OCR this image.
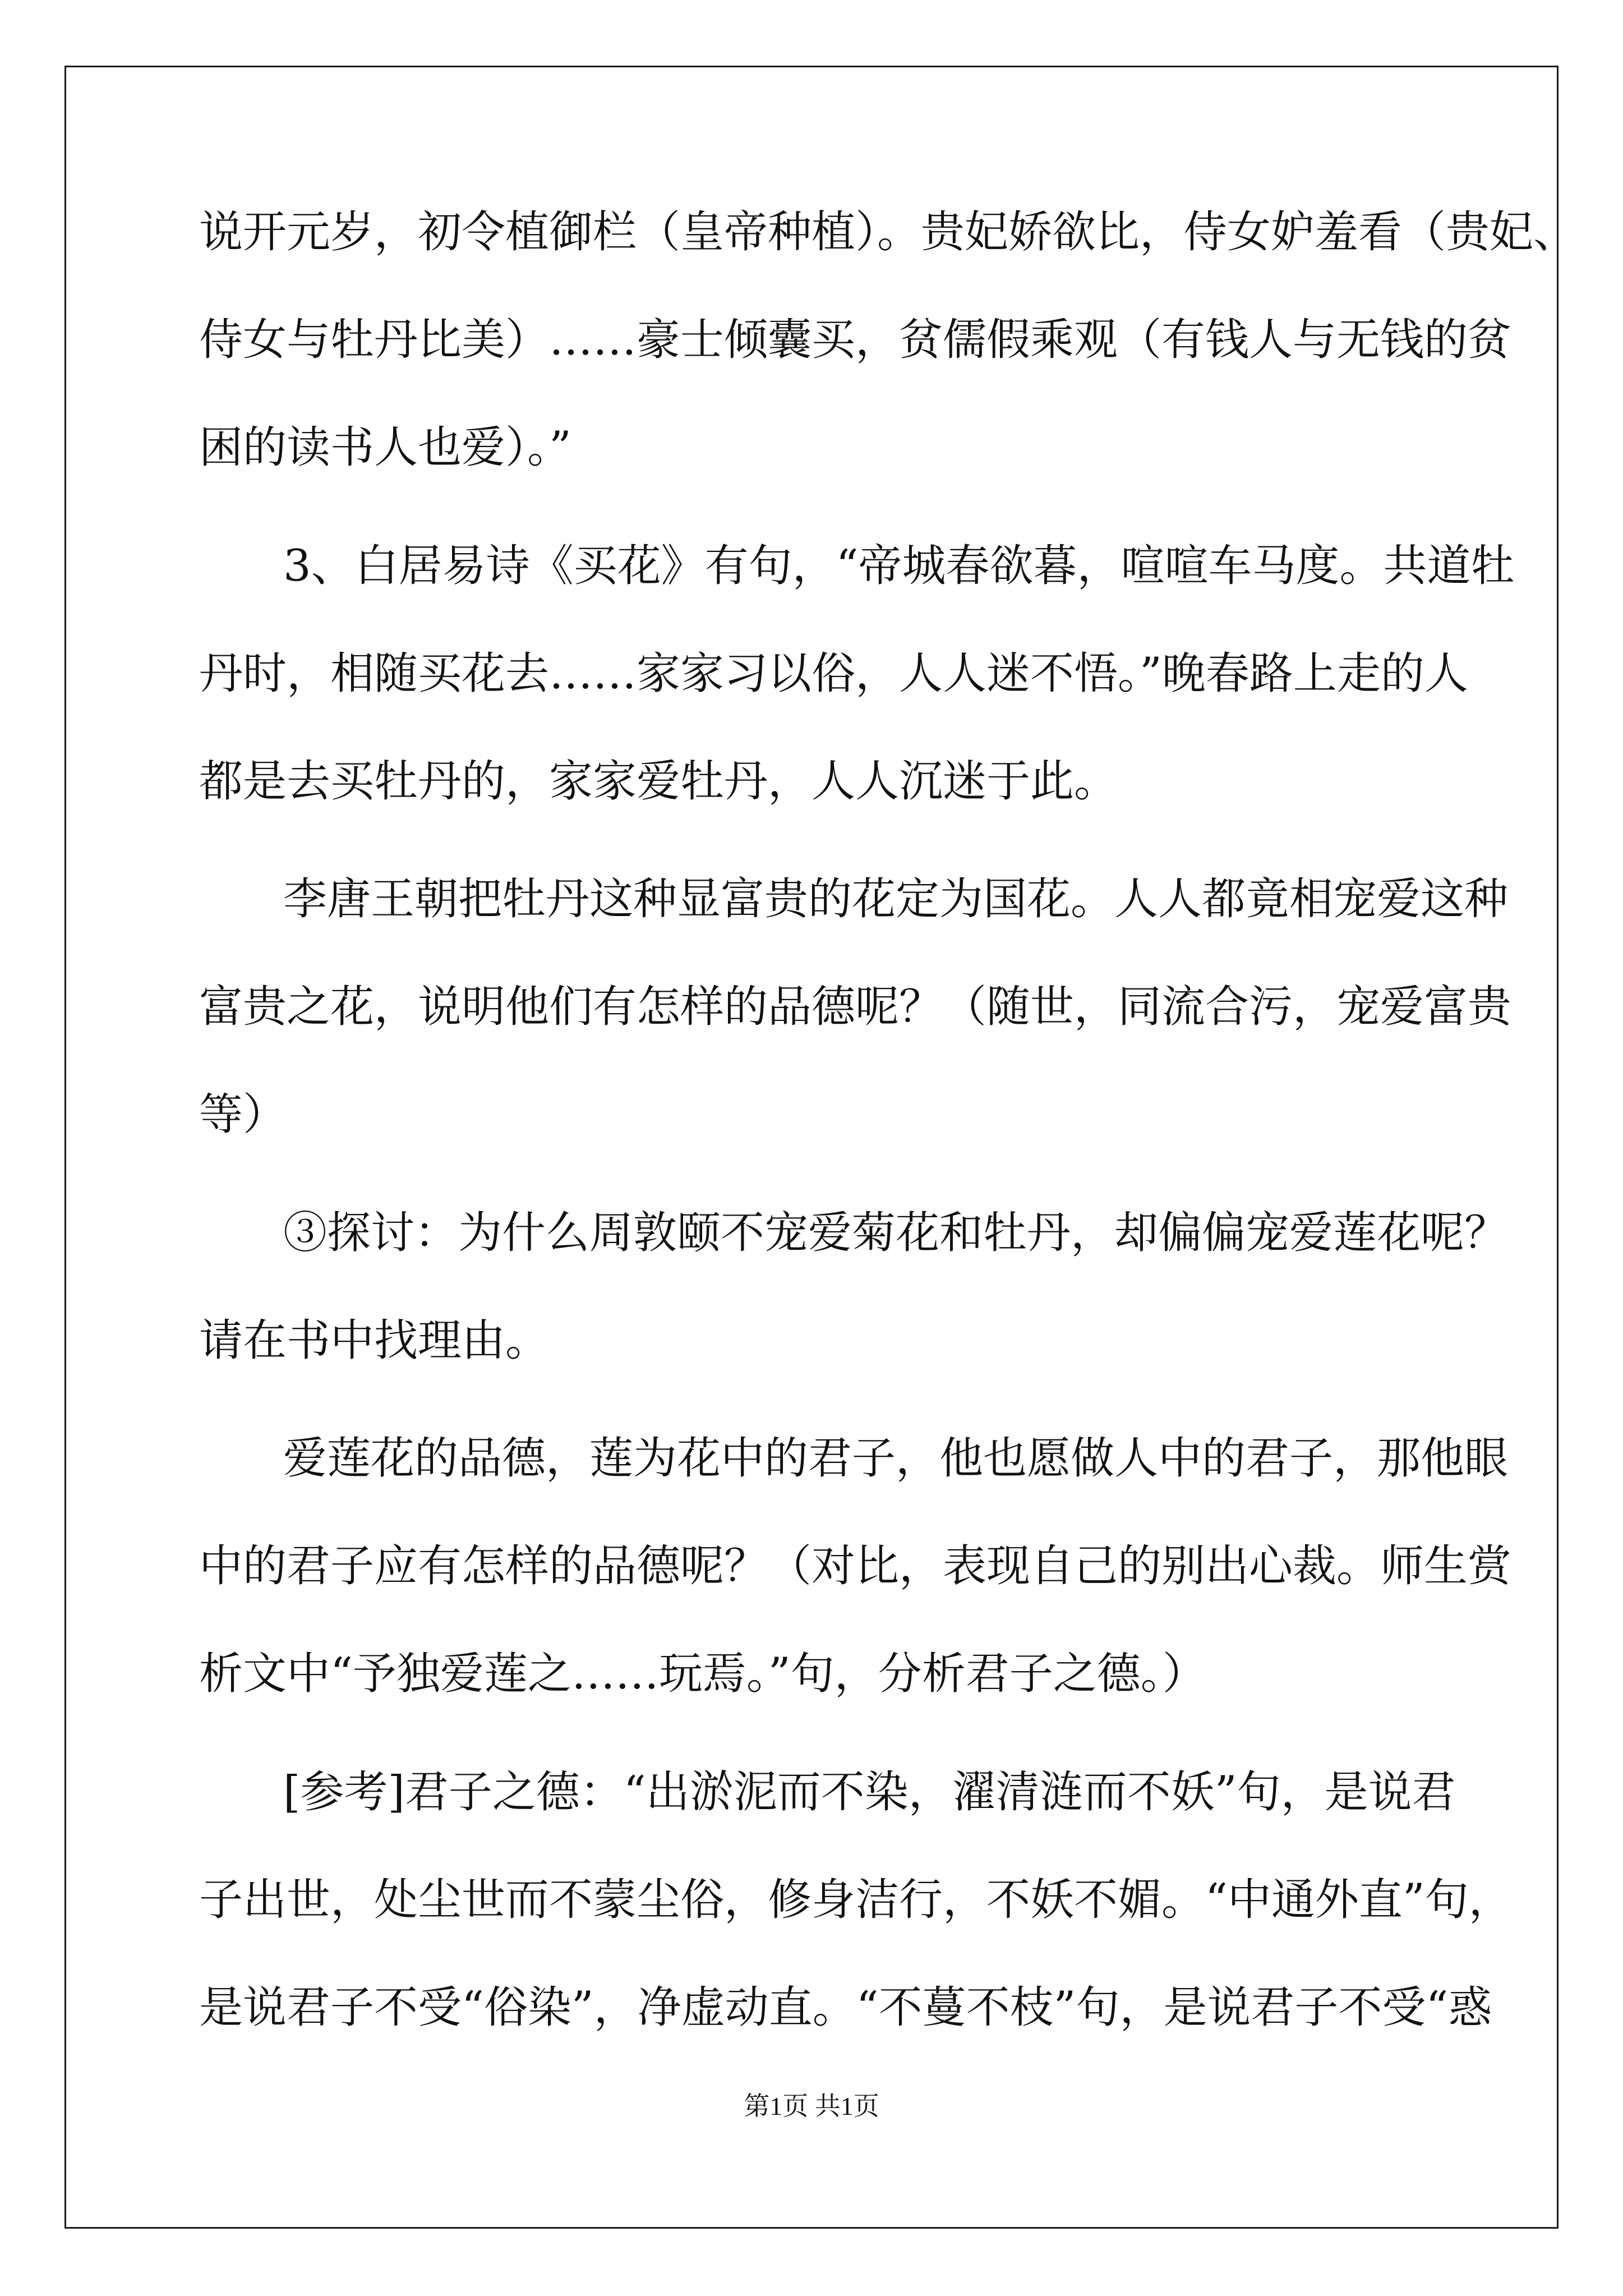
说开元岁，初令植御栏（皇帝种植）。贵妃娇欲比，侍女妒羞看（贵妃、
侍女与牡丹比美）……豪士倾囊买，贫儒假乘观（有钱人与无钱的贫
困的读书人也爱）。”
3、白居易诗《买花》有句，“帝城春欲暮，喧喧车马度。共道牡
丹时，相随买花去……家家习以俗，人人迷不悟。”晚春路上走的人
都是去买牡丹的，家家爱牡丹，人人沉迷于此。
李唐王朝把牡丹这种显富贵的花定为国花。人人都竟相宠爱这种
富贵之花，说明他们有怎样的品德呢？（随世，同流合污，宠爱富贵
等）
③探讨：为什么周敦颐不宠爱菊花和牡丹，却偏偏宠爱莲花呢？
请在书中找理由。
爱莲花的品德，莲为花中的君子，他也愿做人中的君子，那他眼
中的君子应有怎样的品德呢？（对比，表现自己的别出心裁。师生赏
析文中“予独爱莲之……玩焉。”句，分析君子之德。）
[参考]君子之德：“出淤泥而不染，濯清涟而不妖”句，是说君
子出世，处尘世而不蒙尘俗，修身洁行，不妖不媚。“中通外直”句，
是说君子不受“俗染”，净虚动直。“不蔓不枝”句，是说君子不受“惑
第1页 共1页
